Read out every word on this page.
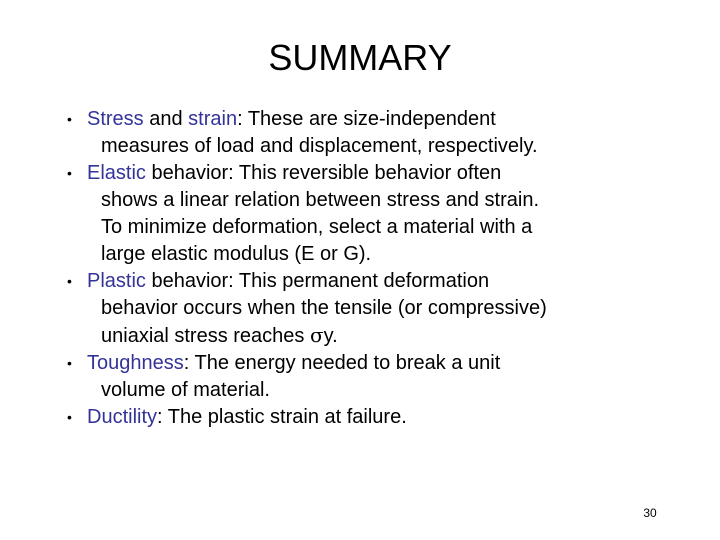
SUMMARY
• Stress and strain: These are size-independent
measures of load and displacement, respectively.
• Elastic behavior: This reversible behavior often
shows a linear relation between stress and strain.
To minimize deformation, select a material with a
large elastic modulus (E or G).
• Plastic behavior: This permanent deformation
behavior occurs when the tensile (or compressive)
uniaxial stress reaches σy.
• Toughness: The energy needed to break a unit
volume of material.
• Ductility: The plastic strain at failure.
30
